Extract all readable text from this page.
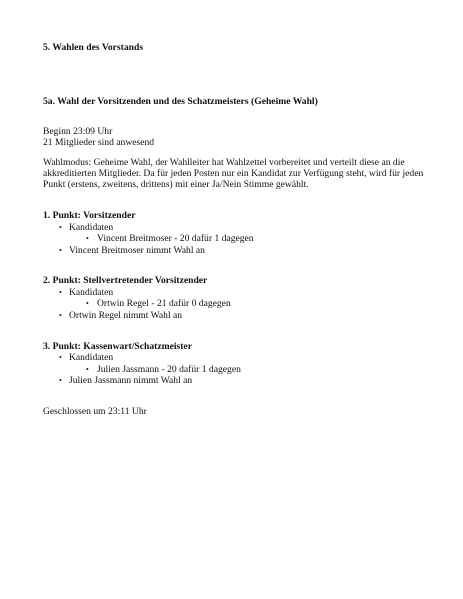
5. Wahlen des Vorstands
5a. Wahl der Vorsitzenden und des Schatzmeisters (Geheime Wahl)
Beginn 23:09 Uhr
21 Mitglieder sind anwesend
Wahlmodus: Geheime Wahl, der Wahlleiter hat Wahlzettel vorbereitet und verteilt diese an die
akkreditierten Mitglieder. Da für jeden Posten nur ein Kandidat zur Verfügung steht, wird für jeden
Punkt (erstens, zweitens, drittens) mit einer Ja/Nein Stimme gewählt.
1. Punkt: Vorsitzender
• Kandidaten
• Vincent Breitmoser - 20 dafür 1 dagegen
• Vincent Breitmoser nimmt Wahl an
2. Punkt: Stellvertretender Vorsitzender
• Kandidaten
• Ortwin Regel - 21 dafür 0 dagegen
• Ortwin Regel nimmt Wahl an
3. Punkt: Kassenwart/Schatzmeister
• Kandidaten
• Julien Jassmann - 20 dafür 1 dagegen
• Julien Jassmann nimmt Wahl an
Geschlossen um 23:11 Uhr
